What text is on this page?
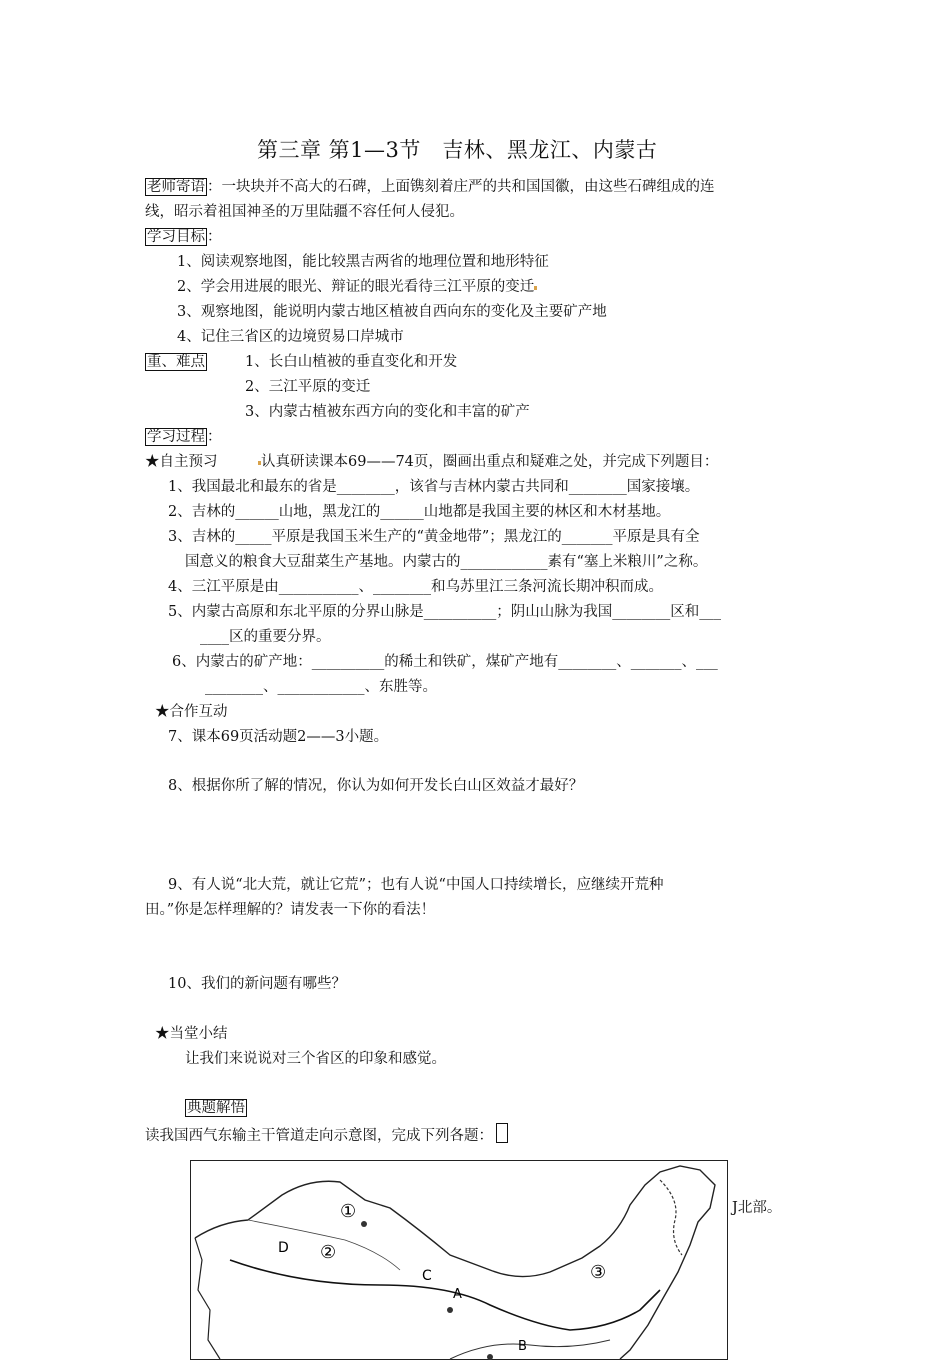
第三章 第1—3节　吉林、黑龙江、内蒙古
老师寄语 ：一块块并不高大的石碑，上面镌刻着庄严的共和国国徽，由这些石碑组成的连
线，昭示着祖国神圣的万里陆疆不容任何人侵犯。
学习目标 ：
1、阅读观察地图，能比较黑吉两省的地理位置和地形特征
2、学会用进展的眼光、辩证的眼光看待三江平原的变迁
3、观察地图，能说明内蒙古地区植被自西向东的变化及主要矿产地
4、记住三省区的边境贸易口岸城市
重、难点	1、长白山植被的垂直变化和开发
2、三江平原的变迁
3、内蒙古植被东西方向的变化和丰富的矿产
学习过程 ：
★自主预习	认真研读课本69——74页，圈画出重点和疑难之处，并完成下列题目：
1、我国最北和最东的省是________，该省与吉林内蒙古共同和________国家接壤。
2、吉林的______山地，黑龙江的______山地都是我国主要的林区和木材基地。
3、吉林的_____平原是我国玉米生产的“黄金地带”；黑龙江的_______平原是具有全
国意义的粮食大豆甜菜生产基地。内蒙古的____________素有“塞上米粮川”之称。
4、三江平原是由___________、________和乌苏里江三条河流长期冲积而成。
5、内蒙古高原和东北平原的分界山脉是__________；阴山山脉为我国________区和___
____区的重要分界。
6、内蒙古的矿产地：__________的稀土和铁矿，煤矿产地有________、_______、___
________、____________、东胜等。
★合作互动
7、课本69页活动题2——3小题。
8、根据你所了解的情况，你认为如何开发长白山区效益才最好？
9、有人说“北大荒，就让它荒”；也有人说“中国人口持续增长，应继续开荒种
田。”你是怎样理解的？请发表一下你的看法！
10、我们的新问题有哪些？
★当堂小结
让我们来说说对三个省区的印象和感觉。
典题解悟
读我国西气东输主干管道走向示意图，完成下列各题：
J北部。
①
②
③
D
C
A
B
